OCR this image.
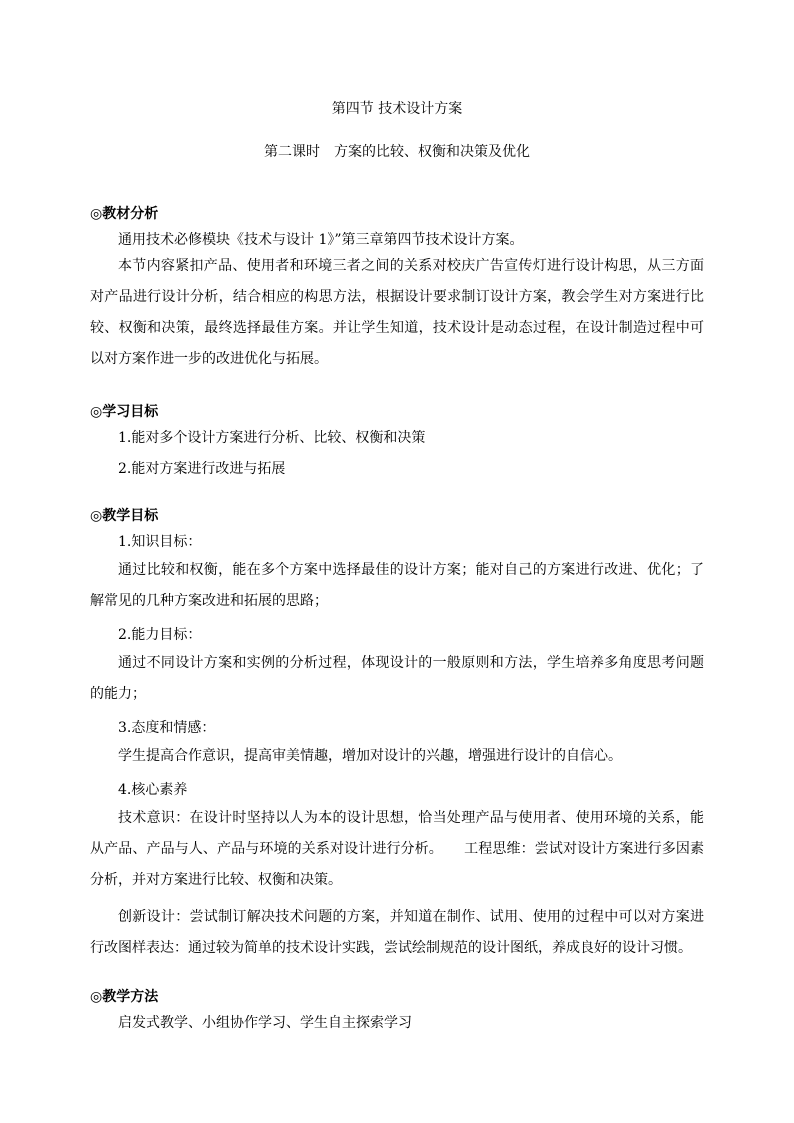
第四节 技术设计方案
第二课时　方案的比较、权衡和决策及优化
◎教材分析
通用技术必修模块《技术与设计 1》”第三章第四节技术设计方案。
本节内容紧扣产品、使用者和环境三者之间的关系对校庆广告宣传灯进行设计构思，从三方面对产品进行设计分析，结合相应的构思方法，根据设计要求制订设计方案，教会学生对方案进行比较、权衡和决策，最终选择最佳方案。并让学生知道，技术设计是动态过程，在设计制造过程中可以对方案作进一步的改进优化与拓展。
◎学习目标
1.能对多个设计方案进行分析、比较、权衡和决策
2.能对方案进行改进与拓展
◎教学目标
1.知识目标：
通过比较和权衡，能在多个方案中选择最佳的设计方案；能对自己的方案进行改进、优化；了解常见的几种方案改进和拓展的思路；
2.能力目标：
通过不同设计方案和实例的分析过程，体现设计的一般原则和方法，学生培养多角度思考问题的能力；
3.态度和情感：
学生提高合作意识，提高审美情趣，增加对设计的兴趣，增强进行设计的自信心。
4.核心素养
技术意识：在设计时坚持以人为本的设计思想，恰当处理产品与使用者、使用环境的关系，能从产品、产品与人、产品与环境的关系对设计进行分析。　　工程思维：尝试对设计方案进行多因素分析，并对方案进行比较、权衡和决策。
创新设计：尝试制订解决技术问题的方案，并知道在制作、试用、使用的过程中可以对方案进行改图样表达：通过较为简单的技术设计实践，尝试绘制规范的设计图纸，养成良好的设计习惯。
◎教学方法
启发式教学、小组协作学习、学生自主探索学习
